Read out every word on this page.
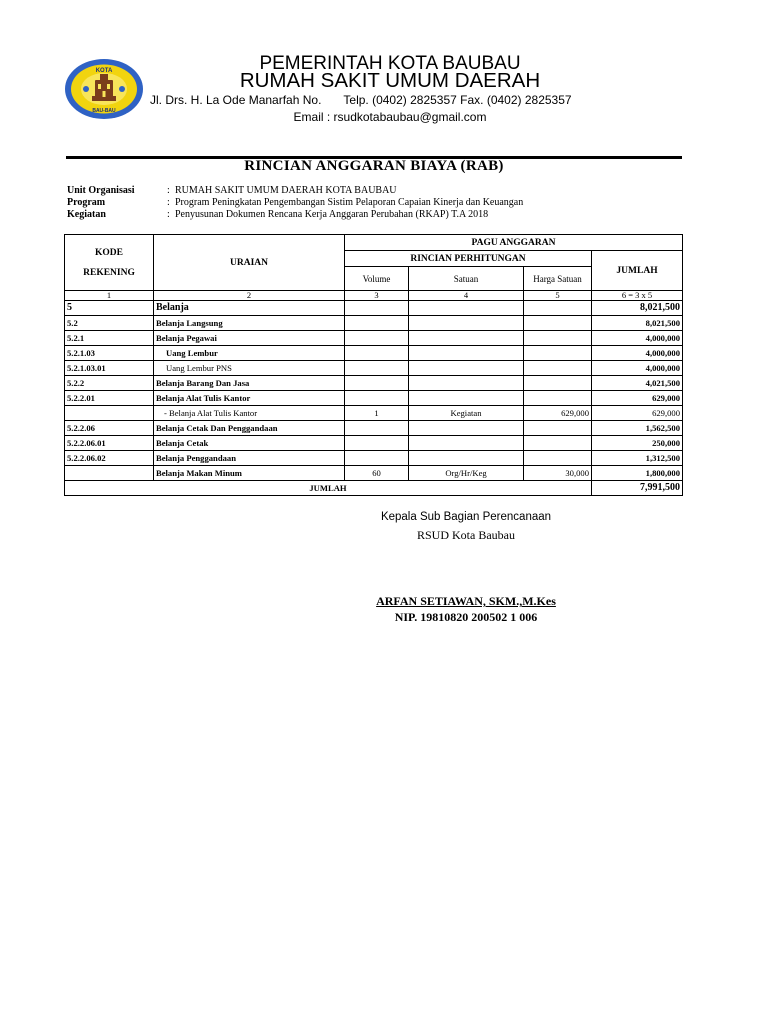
KOTA
BAU-BAU
PEMERINTAH KOTA BAUBAU
RUMAH SAKIT UMUM DAERAH
Jl. Drs. H. La Ode Manarfah No. Telp. (0402) 2825357 Fax. (0402) 2825357
Email : rsudkotabaubau@gmail.com
RINCIAN ANGGARAN BIAYA (RAB)
Unit Organisasi	: RUMAH SAKIT UMUM DAERAH KOTA BAUBAU
Program	: Program Peningkatan Pengembangan Sistim Pelaporan Capaian Kinerja dan Keuangan
Kegiatan	: Penyusunan Dokumen Rencana Kerja Anggaran Perubahan (RKAP) T.A 2018
KODE
REKENING	URAIAN	PAGU ANGGARAN			
		RINCIAN PERHITUNGAN			JUMLAH
		Volume	Satuan	Harga Satuan	
1	2	3	4	5	6 = 3 x 5
5	Belanja				8,021,500
5.2	Belanja Langsung				8,021,500
5.2.1	Belanja Pegawai				4,000,000
5.2.1.03	Uang Lembur				4,000,000
5.2.1.03.01	Uang Lembur PNS				4,000,000
5.2.2	Belanja Barang Dan Jasa				4,021,500
5.2.2.01	Belanja Alat Tulis Kantor				629,000
	- Belanja Alat Tulis Kantor	1	Kegiatan	629,000	629,000
5.2.2.06	Belanja Cetak Dan Penggandaan				1,562,500
5.2.2.06.01	Belanja Cetak				250,000
5.2.2.06.02	Belanja Penggandaan				1,312,500
	Belanja Makan Minum	60	Org/Hr/Keg	30,000	1,800,000
JUMLAH					7,991,500
Kepala Sub Bagian Perencanaan
RSUD Kota Baubau
ARFAN SETIAWAN, SKM.,M.Kes
NIP. 19810820 200502 1 006
